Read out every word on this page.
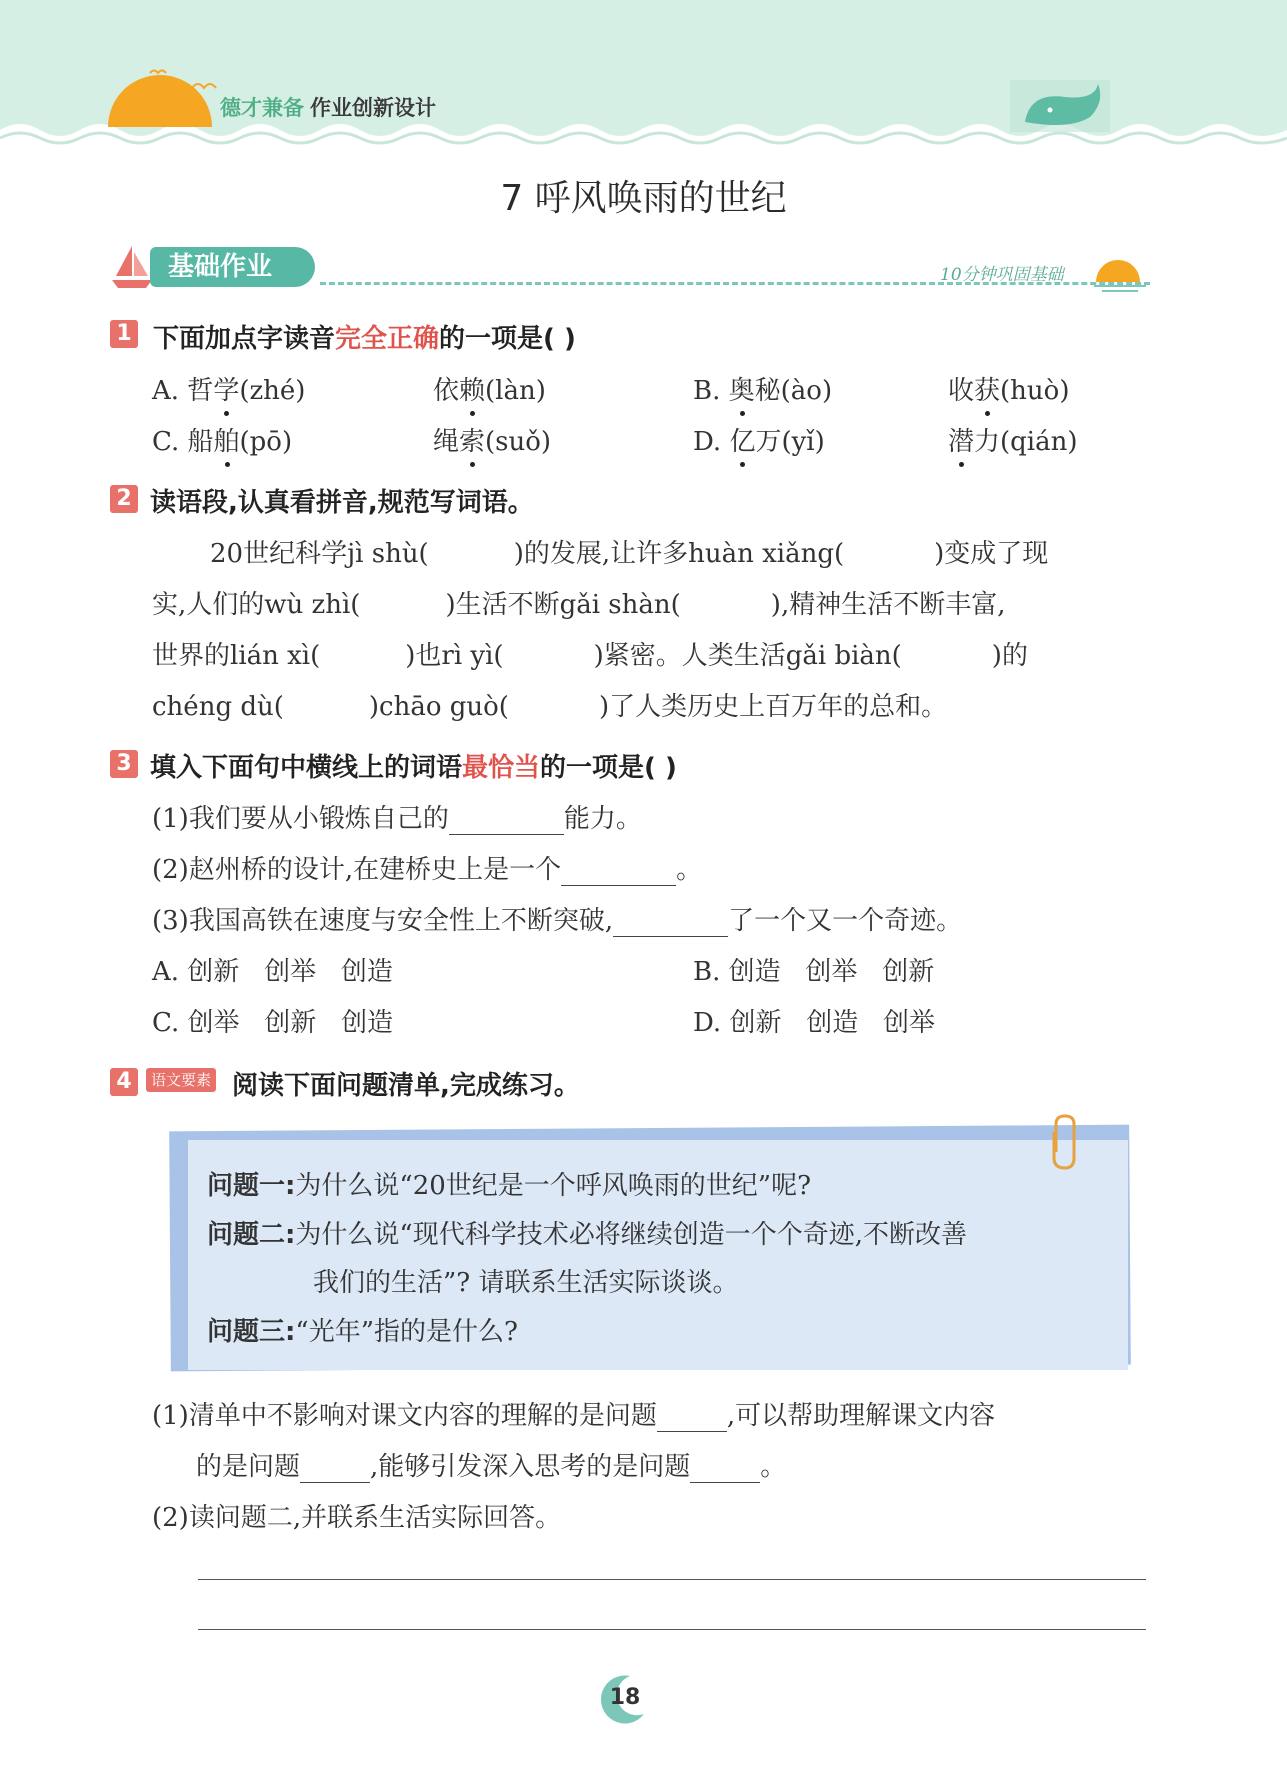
德才兼备 作业创新设计
7 呼风唤雨的世纪
基础作业	10分钟巩固基础
1 下面加点字读音完全正确的一项是( )
A. 哲学(zhé)	依赖(làn)	B. 奥秘(ào)	收获(huò)
C. 船舶(pō)	绳索(suǒ)	D. 亿万(yǐ)	潜力(qián)
2 读语段,认真看拼音,规范写词语。
20世纪科学jì shù(	)的发展,让许多huàn xiǎng(	)变成了现
实,人们的wù zhì(	)生活不断gǎi shàn(	),精神生活不断丰富,
世界的lián xì(	)也rì yì(	)紧密。人类生活gǎi biàn(	)的
chéng dù(	)chāo guò(	)了人类历史上百万年的总和。
3 填入下面句中横线上的词语最恰当的一项是( )
(1)我们要从小锻炼自己的	能力。
(2)赵州桥的设计,在建桥史上是一个	。
(3)我国高铁在速度与安全性上不断突破,	了一个又一个奇迹。
A. 创新   创举   创造	B. 创造   创举   创新
C. 创举   创新   创造	D. 创新   创造   创举
4	语文要素 阅读下面问题清单,完成练习。
问题一:为什么说“20世纪是一个呼风唤雨的世纪”呢?
问题二:为什么说“现代科学技术必将继续创造一个个奇迹,不断改善
我们的生活”? 请联系生活实际谈谈。
问题三:“光年”指的是什么?
(1)清单中不影响对课文内容的理解的是问题	,可以帮助理解课文内容
的是问题	,能够引发深入思考的是问题	。
(2)读问题二,并联系生活实际回答。
18
